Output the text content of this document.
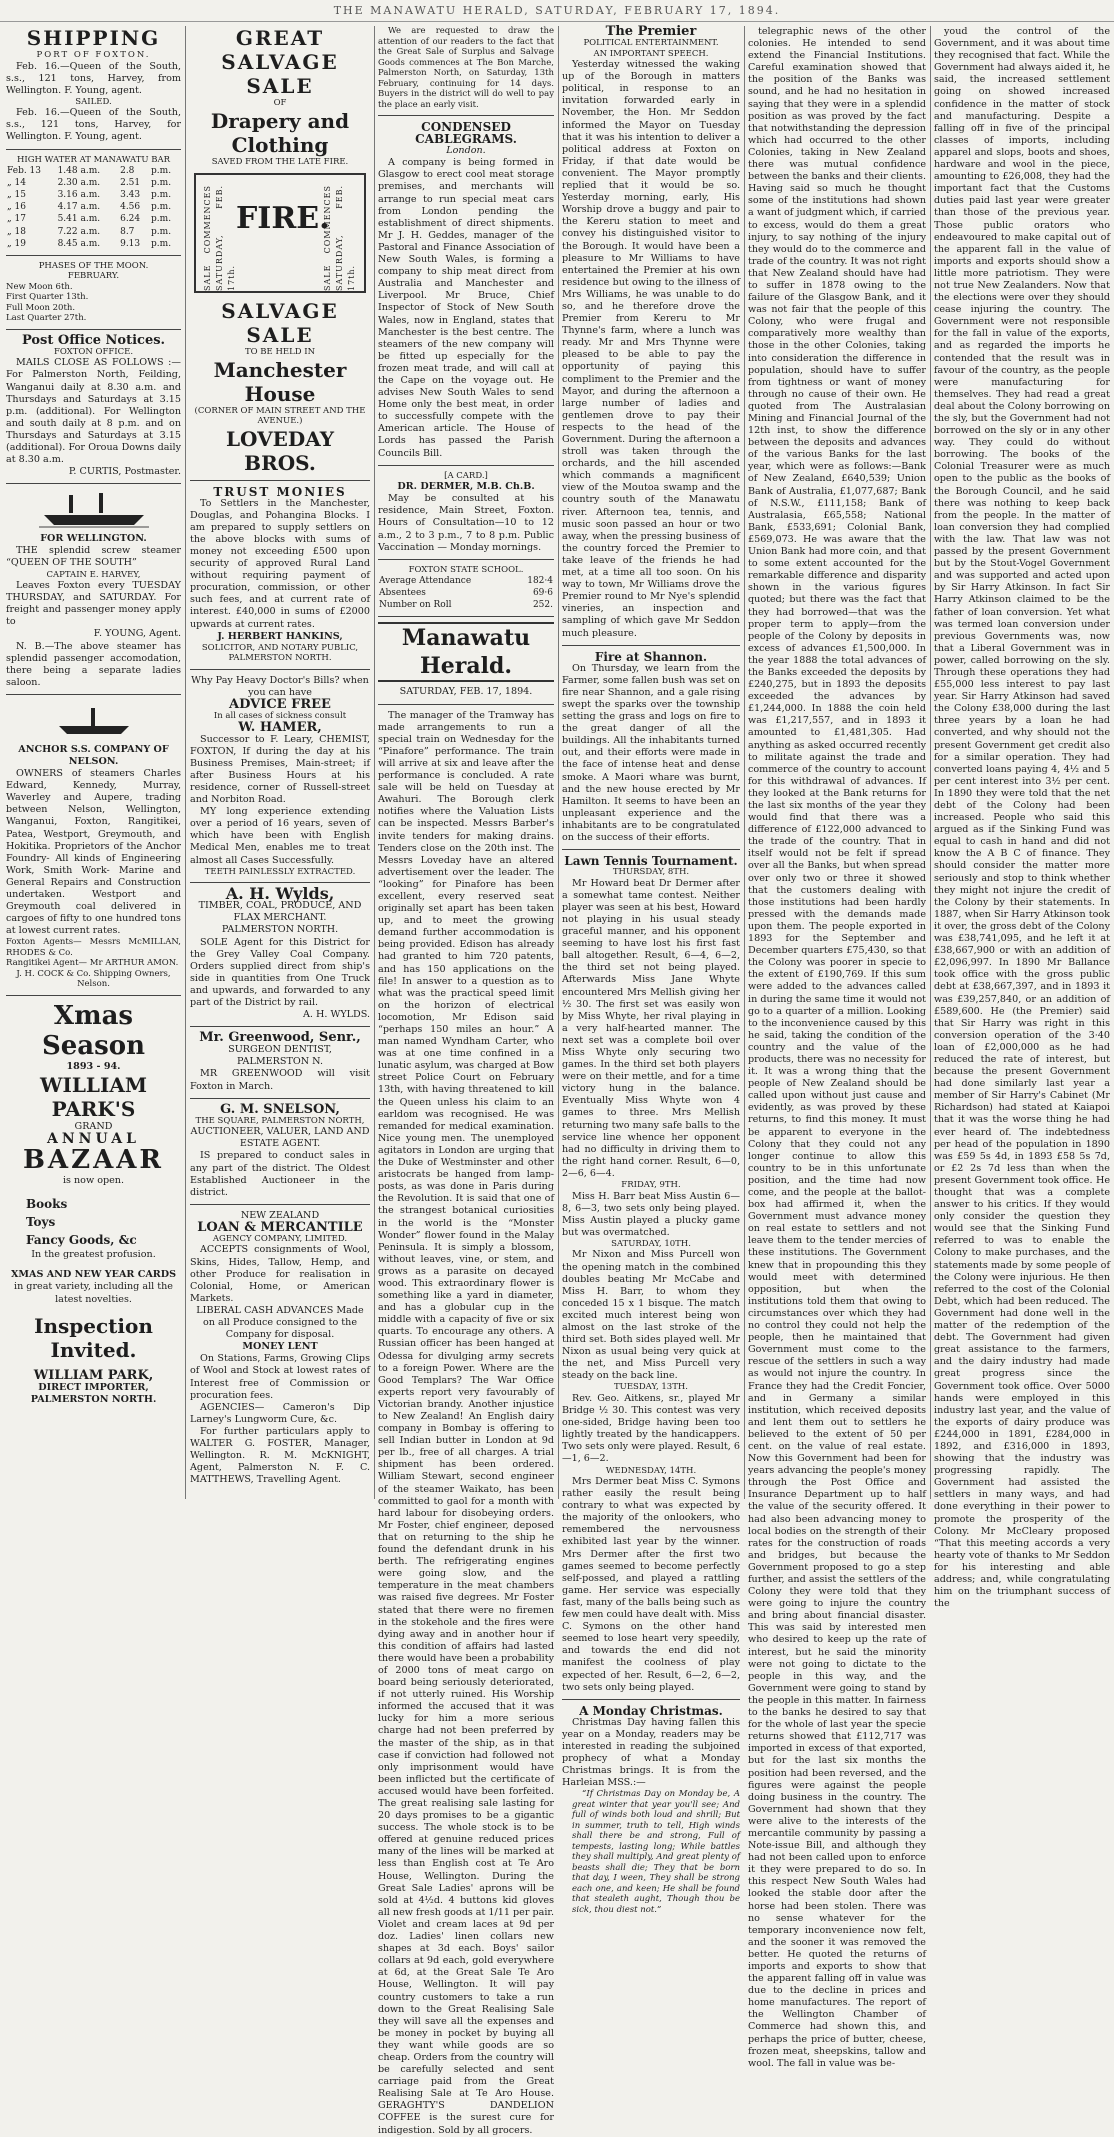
THE MANAWATU HERALD, SATURDAY, FEBRUARY 17, 1894.
SHIPPING
PORT OF FOXTON.
Feb. 16.—Queen of the South, s.s., 121 tons, Harvey, from Wellington. F. Young, agent.
SAILED.
Feb. 16.—Queen of the South, s.s., 121 tons, Harvey, for Wellington. F. Young, agent.
HIGH WATER AT MANAWATU BAR
Feb. 13	1.48 a.m.	2.8	p.m.
„ 14	2.30 a.m.	2.51	p.m.
„ 15	3.16 a.m.	3.43	p.m.
„ 16	4.17 a.m.	4.56	p.m.
„ 17	5.41 a.m.	6.24	p.m.
„ 18	7.22 a.m.	8.7	p.m.
„ 19	8.45 a.m.	9.13	p.m.
PHASES OF THE MOON.
FEBRUARY.
New Moon 6th.
First Quarter 13th.
Full Moon 20th.
Last Quarter 27th.
Post Office Notices.
FOXTON OFFICE.
MAILS CLOSE AS FOLLOWS :— For Palmerston North, Feilding, Wanganui daily at 8.30 a.m. and Thursdays and Saturdays at 3.15 p.m. (additional). For Wellington and south daily at 8 p.m. and on Thursdays and Saturdays at 3.15 (additional). For Oroua Downs daily at 8.30 a.m.
P. CURTIS, Postmaster.
FOR WELLINGTON.
THE splendid screw steamer “QUEEN OF THE SOUTH”
CAPTAIN E. HARVEY,
Leaves Foxton every TUESDAY THURSDAY, and SATURDAY. For freight and passenger money apply to
F. YOUNG, Agent.
N. B.—The above steamer has splendid passenger accomodation, there being a separate ladies saloon.
ANCHOR S.S. COMPANY OF NELSON.
OWNERS of steamers Charles Edward, Kennedy, Murray, Waverley and Aupere, trading between Nelson, Wellington, Wanganui, Foxton, Rangitikei, Patea, Westport, Greymouth, and Hokitika. Proprietors of the Anchor Foundry- All kinds of Engineering Work, Smith Work- Marine and General Repairs and Construction undertaken. Westport and Greymouth coal delivered in cargoes of fifty to one hundred tons at lowest current rates.
Foxton Agents— Messrs McMILLAN, RHODES & Co.
Rangitikei Agent— Mr ARTHUR AMON.
J. H. COCK & Co. Shipping Owners, Nelson.
Xmas Season
1893 - 94.
WILLIAM PARK'S
GRAND
ANNUAL
BAZAAR
is now open.
Books
Toys
Fancy Goods, &c
In the greatest profusion.
XMAS AND NEW YEAR CARDS
in great variety, including all the latest novelties.
Inspection Invited.
WILLIAM PARK,
DIRECT IMPORTER,
PALMERSTON NORTH.
GREAT SALVAGE SALE
OF
Drapery and Clothing
SAVED FROM THE LATE FIRE.
SALE COMMENCES SATURDAY, FEB. 17th.
FIRE.
SALE COMMENCES SATURDAY, FEB. 17th.
SALVAGE SALE
TO BE HELD IN
Manchester House
(CORNER OF MAIN STREET AND THE AVENUE.)
LOVEDAY BROS.
TRUST MONIES
To Settlers in the Manchester, Douglas, and Pohangina Blocks. I am prepared to supply settlers on the above blocks with sums of money not exceeding £500 upon security of approved Rural Land without requiring payment of procuration, commission, or other such fees, and at current rate of interest. £40,000 in sums of £2000 upwards at current rates.
J. HERBERT HANKINS,
SOLICITOR, AND NOTARY PUBLIC, PALMERSTON NORTH.
Why Pay Heavy Doctor's Bills? when you can have
ADVICE FREE
In all cases of sickness consult
W. HAMER,
Successor to F. Leary, CHEMIST, FOXTON, If during the day at his Business Premises, Main-street; if after Business Hours at his residence, corner of Russell-street and Norbiton Road.
MY long experience extending over a period of 16 years, seven of which have been with English Medical Men, enables me to treat almost all Cases Successfully.
TEETH PAINLESSLY EXTRACTED.
A. H. Wylds,
TIMBER, COAL, PRODUCE, AND FLAX MERCHANT.
PALMERSTON NORTH.
SOLE Agent for this District for the Grey Valley Coal Company. Orders supplied direct from ship's side in quantities from One Truck and upwards, and forwarded to any part of the District by rail.
A. H. WYLDS.
Mr. Greenwood, Senr.,
SURGEON DENTIST,
PALMERSTON N.
MR GREENWOOD will visit Foxton in March.
G. M. SNELSON,
THE SQUARE, PALMERSTON NORTH,
AUCTIONEER, VALUER, LAND AND ESTATE AGENT.
IS prepared to conduct sales in any part of the district. The Oldest Established Auctioneer in the district.
NEW ZEALAND
LOAN & MERCANTILE
AGENCY COMPANY, LIMITED.
ACCEPTS consignments of Wool, Skins, Hides, Tallow, Hemp, and other Produce for realisation in Colonial, Home, or American Markets.
LIBERAL CASH ADVANCES Made on all Produce consigned to the Company for disposal.
MONEY LENT
On Stations, Farms, Growing Clips of Wool and Stock at lowest rates of Interest free of Commission or procuration fees.
AGENCIES— Cameron's Dip Larney's Lungworm Cure, &c.
For further particulars apply to WALTER G. FOSTER, Manager, Wellington. R. M. McKNIGHT, Agent, Palmerston N. F. C. MATTHEWS, Travelling Agent.
We are requested to draw the attention of our readers to the fact that the Great Sale of Surplus and Salvage Goods commences at The Bon Marche, Palmerston North, on Saturday, 13th February, continuing for 14 days. Buyers in the district will do well to pay the place an early visit.
CONDENSED CABLEGRAMS.
London.
A company is being formed in Glasgow to erect cool meat storage premises, and merchants will arrange to run special meat cars from London pending the establishment of direct shipments. Mr J. H. Geddes, manager of the Pastoral and Finance Association of New South Wales, is forming a company to ship meat direct from Australia and Manchester and Liverpool. Mr Bruce, Chief Inspector of Stock of New South Wales, now in England, states that Manchester is the best centre. The steamers of the new company will be fitted up especially for the frozen meat trade, and will call at the Cape on the voyage out. He advises New South Wales to send Home only the best meat, in order to successfully compete with the American article. The House of Lords has passed the Parish Councils Bill.
[A CARD.]
DR. DERMER, M.B. Ch.B.
May be consulted at his residence, Main Street, Foxton. Hours of Consultation—10 to 12 a.m., 2 to 3 p.m., 7 to 8 p.m. Public Vaccination — Monday mornings.
FOXTON STATE SCHOOL.
Average Attendance	182·4
Absentees	69·6
Number on Roll	252.
Manawatu Herald.
SATURDAY, FEB. 17, 1894.
The manager of the Tramway has made arrangements to run a special train on Wednesday for the “Pinafore” performance. The train will arrive at six and leave after the performance is concluded. A rate sale will be held on Tuesday at Awahuri. The Borough clerk notifies where the Valuation Lists can be inspected. Messrs Barber's invite tenders for making drains. Tenders close on the 20th inst. The Messrs Loveday have an altered advertisement over the leader. The “looking” for Pinafore has been excellent, every reserved seat originally set apart has been taken up, and to meet the growing demand further accommodation is being provided. Edison has already had granted to him 720 patents, and has 150 applications on the file! In answer to a question as to what was the practical speed limit on the horizon of electrical locomotion, Mr Edison said “perhaps 150 miles an hour.” A man named Wyndham Carter, who was at one time confined in a lunatic asylum, was charged at Bow street Police Court on February 13th, with having threatened to kill the Queen unless his claim to an earldom was recognised. He was remanded for medical examination. Nice young men. The unemployed agitators in London are urging that the Duke of Westminster and other aristocrats be hanged from lamp-posts, as was done in Paris during the Revolution. It is said that one of the strangest botanical curiosities in the world is the “Monster Wonder” flower found in the Malay Peninsula. It is simply a blossom, without leaves, vine, or stem, and grows as a parasite on decayed wood. This extraordinary flower is something like a yard in diameter, and has a globular cup in the middle with a capacity of five or six quarts. To encourage any others. A Russian officer has been hanged at Odessa for divulging army secrets to a foreign Power. Where are the Good Templars? The War Office experts report very favourably of Victorian brandy. Another injustice to New Zealand! An English dairy company in Bombay is offering to sell Indian butter in London at 9d per lb., free of all charges. A trial shipment has been ordered. William Stewart, second engineer of the steamer Waikato, has been committed to gaol for a month with hard labour for disobeying orders. Mr Foster, chief engineer, deposed that on returning to the ship he found the defendant drunk in his berth. The refrigerating engines were going slow, and the temperature in the meat chambers was raised five degrees. Mr Foster stated that there were no firemen in the stokehole and the fires were dying away and in another hour if this condition of affairs had lasted there would have been a probability of 2000 tons of meat cargo on board being seriously deteriorated, if not utterly ruined. His Worship informed the accused that it was lucky for him a more serious charge had not been preferred by the master of the ship, as in that case if conviction had followed not only imprisonment would have been inflicted but the certificate of accused would have been forfeited. The great realising sale lasting for 20 days promises to be a gigantic success. The whole stock is to be offered at genuine reduced prices many of the lines will be marked at less than English cost at Te Aro House, Wellington. During the Great Sale Ladies' aprons will be sold at 4½d. 4 buttons kid gloves all new fresh goods at 1/11 per pair. Violet and cream laces at 9d per doz. Ladies' linen collars new shapes at 3d each. Boys' sailor collars at 9d each, gold everywhere at 6d, at the Great Sale Te Aro House, Wellington. It will pay country customers to take a run down to the Great Realising Sale they will save all the expenses and be money in pocket by buying all they want while goods are so cheap. Orders from the country will be carefully selected and sent carriage paid from the Great Realising Sale at Te Aro House. GERAGHTY'S DANDELION COFFEE is the surest cure for indigestion. Sold by all grocers.
The Premier
POLITICAL ENTERTAINMENT.
AN IMPORTANT SPEECH.
Yesterday witnessed the waking up of the Borough in matters political, in response to an invitation forwarded early in November, the Hon. Mr Seddon informed the Mayor on Tuesday that it was his intention to deliver a political address at Foxton on Friday, if that date would be convenient. The Mayor promptly replied that it would be so. Yesterday morning, early, His Worship drove a buggy and pair to the Kereru station to meet and convey his distinguished visitor to the Borough. It would have been a pleasure to Mr Williams to have entertained the Premier at his own residence but owing to the illness of Mrs Williams, he was unable to do so, and he therefore drove the Premier from Kereru to Mr Thynne's farm, where a lunch was ready. Mr and Mrs Thynne were pleased to be able to pay the opportunity of paying this compliment to the Premier and the Mayor, and during the afternoon a large number of ladies and gentlemen drove to pay their respects to the head of the Government. During the afternoon a stroll was taken through the orchards, and the hill ascended which commands a magnificent view of the Moutoa swamp and the country south of the Manawatu river. Afternoon tea, tennis, and music soon passed an hour or two away, when the pressing business of the country forced the Premier to take leave of the friends he had met, at a time all too soon. On his way to town, Mr Williams drove the Premier round to Mr Nye's splendid vineries, an inspection and sampling of which gave Mr Seddon much pleasure.
Fire at Shannon.
On Thursday, we learn from the Farmer, some fallen bush was set on fire near Shannon, and a gale rising swept the sparks over the township setting the grass and logs on fire to the great danger of all the buildings. All the inhabitants turned out, and their efforts were made in the face of intense heat and dense smoke. A Maori whare was burnt, and the new house erected by Mr Hamilton. It seems to have been an unpleasant experience and the inhabitants are to be congratulated on the success of their efforts.
Lawn Tennis Tournament.
THURSDAY, 8TH.
Mr Howard beat Dr Dermer after a somewhat tame contest. Neither player was seen at his best, Howard not playing in his usual steady graceful manner, and his opponent seeming to have lost his first fast ball altogether. Result, 6—4, 6—2, the third set not being played. Afterwards Miss Jane Whyte encountered Mrs Mellish giving her ½ 30. The first set was easily won by Miss Whyte, her rival playing in a very half-hearted manner. The next set was a complete boil over Miss Whyte only securing two games. In the third set both players were on their mettle, and for a time victory hung in the balance. Eventually Miss Whyte won 4 games to three. Mrs Mellish returning two many safe balls to the service line whence her opponent had no difficulty in driving them to the right hand corner. Result, 6—0, 2—6, 6—4.
FRIDAY, 9TH.
Miss H. Barr beat Miss Austin 6—8, 6—3, two sets only being played. Miss Austin played a plucky game but was overmatched.
SATURDAY, 10TH.
Mr Nixon and Miss Purcell won the opening match in the combined doubles beating Mr McCabe and Miss H. Barr, to whom they conceded 15 x 1 bisque. The match excited much interest being won almost on the last stroke of the third set. Both sides played well. Mr Nixon as usual being very quick at the net, and Miss Purcell very steady on the back line.
TUESDAY, 13TH.
Rev. Geo. Aitkens, sr., played Mr Bridge ½ 30. This contest was very one-sided, Bridge having been too lightly treated by the handicappers. Two sets only were played. Result, 6—1, 6—2.
WEDNESDAY, 14TH.
Mrs Dermer beat Miss C. Symons rather easily the result being contrary to what was expected by the majority of the onlookers, who remembered the nervousness exhibited last year by the winner. Mrs Dermer after the first two games seemed to become perfectly self-possed, and played a rattling game. Her service was especially fast, many of the balls being such as few men could have dealt with. Miss C. Symons on the other hand seemed to lose heart very speedily, and towards the end did not manifest the coolness of play expected of her. Result, 6—2, 6—2, two sets only being played.
A Monday Christmas.
Christmas Day having fallen this year on a Monday, readers may be interested in reading the subjoined prophecy of what a Monday Christmas brings. It is from the Harleian MSS.:—
“If Christmas Day on Monday be, A great winter that year you'll see; And full of winds both loud and shrill; But in summer, truth to tell, High winds shall there be and strong, Full of tempests, lasting long; While battles they shall multiply, And great plenty of beasts shall die; They that be born that day, I ween, They shall be strong each one, and keen; He shall be found that stealeth aught, Though thou be sick, thou diest not.”
telegraphic news of the other colonies. He intended to send extend the Financial Institutions. Careful examination showed that the position of the Banks was sound, and he had no hesitation in saying that they were in a splendid position as was proved by the fact that notwithstanding the depression which had occurred to the other Colonies, taking in New Zealand there was mutual confidence between the banks and their clients. Having said so much he thought some of the institutions had shown a want of judgment which, if carried to excess, would do them a great injury, to say nothing of the injury they would do to the commerce and trade of the country. It was not right that New Zealand should have had to suffer in 1878 owing to the failure of the Glasgow Bank, and it was not fair that the people of this Colony, who were frugal and comparatively more wealthy than those in the other Colonies, taking into consideration the difference in population, should have to suffer from tightness or want of money through no cause of their own. He quoted from The Australasian Mining and Financial Journal of the 12th inst, to show the difference between the deposits and advances of the various Banks for the last year, which were as follows:—Bank of New Zealand, £640,539; Union Bank of Australia, £1,077,687; Bank of N.S.W., £111,158; Bank of Australasia, £65,558; National Bank, £533,691; Colonial Bank, £569,073. He was aware that the Union Bank had more coin, and that to some extent accounted for the remarkable difference and disparity shown in the various figures quoted; but there was the fact that they had borrowed—that was the proper term to apply—from the people of the Colony by deposits in excess of advances £1,500,000. In the year 1888 the total advances of the Banks exceeded the deposits by £240,275, but in 1893 the deposits exceeded the advances by £1,244,000. In 1888 the coin held was £1,217,557, and in 1893 it amounted to £1,481,305. Had anything as asked occurred recently to militate against the trade and commerce of the country to account for this withdrawal of advances. If they looked at the Bank returns for the last six months of the year they would find that there was a difference of £122,000 advanced to the trade of the country. That in itself would not be felt if spread over all the Banks, but when spread over only two or three it showed that the customers dealing with those institutions had been hardly pressed with the demands made upon them. The people exported in 1893 for the September and December quarters £75,430, so that the Colony was poorer in specie to the extent of £190,769. If this sum were added to the advances called in during the same time it would not go to a quarter of a million. Looking to the inconvenience caused by this he said, taking the condition of the country and the value of the products, there was no necessity for it. It was a wrong thing that the people of New Zealand should be called upon without just cause and evidently, as was proved by these returns, to find this money. It must be apparent to everyone in the Colony that they could not any longer continue to allow this country to be in this unfortunate position, and the time had now come, and the people at the ballot-box had affirmed it, when the Government must advance money on real estate to settlers and not leave them to the tender mercies of these institutions. The Government knew that in propounding this they would meet with determined opposition, but when the institutions told them that owing to circumstances over which they had no control they could not help the people, then he maintained that Government must come to the rescue of the settlers in such a way as would not injure the country. In France they had the Credit Foncier, and in Germany a similar institution, which received deposits and lent them out to settlers he believed to the extent of 50 per cent. on the value of real estate. Now this Government had been for years advancing the people's money through the Post Office and Insurance Department up to half the value of the security offered. It had also been advancing money to local bodies on the strength of their rates for the construction of roads and bridges, but because the Government proposed to go a step further, and assist the settlers of the Colony they were told that they were going to injure the country and bring about financial disaster. This was said by interested men who desired to keep up the rate of interest, but he said the minority were not going to dictate to the people in this way, and the Government were going to stand by the people in this matter. In fairness to the banks he desired to say that for the whole of last year the specie returns showed that £112,717 was imported in excess of that exported, but for the last six months the position had been reversed, and the figures were against the people doing business in the country. The Government had shown that they were alive to the interests of the mercantile community by passing a Note-issue Bill, and although they had not been called upon to enforce it they were prepared to do so. In this respect New South Wales had looked the stable door after the horse had been stolen. There was no sense whatever for the temporary inconvenience now felt, and the sooner it was removed the better. He quoted the returns of imports and exports to show that the apparent falling off in value was due to the decline in prices and home manufactures. The report of the Wellington Chamber of Commerce had shown this, and perhaps the price of butter, cheese, frozen meat, sheepskins, tallow and wool. The fall in value was be-
youd the control of the Government, and it was about time they recognised that fact. While the Government had always aided it, he said, the increased settlement going on showed increased confidence in the matter of stock and manufacturing. Despite a falling off in five of the principal classes of imports, including apparel and slops, boots and shoes, hardware and wool in the piece, amounting to £26,008, they had the important fact that the Customs duties paid last year were greater than those of the previous year. Those public orators who endeavoured to make capital out of the apparent fall in the value of imports and exports should show a little more patriotism. They were not true New Zealanders. Now that the elections were over they should cease injuring the country. The Government were not responsible for the fall in value of the exports, and as regarded the imports he contended that the result was in favour of the country, as the people were manufacturing for themselves. They had read a great deal about the Colony borrowing on the sly, but the Government had not borrowed on the sly or in any other way. They could do without borrowing. The books of the Colonial Treasurer were as much open to the public as the books of the Borough Council, and he said there was nothing to keep back from the people. In the matter of loan conversion they had complied with the law. That law was not passed by the present Government but by the Stout-Vogel Government and was supported and acted upon by Sir Harry Atkinson. In fact Sir Harry Atkinson claimed to be the father of loan conversion. Yet what was termed loan conversion under previous Governments was, now that a Liberal Government was in power, called borrowing on the sly. Through these operations they had £55,000 less interest to pay last year. Sir Harry Atkinson had saved the Colony £38,000 during the last three years by a loan he had converted, and why should not the present Government get credit also for a similar operation. They had converted loans paying 4, 4½ and 5 per cent interest into 3½ per cent. In 1890 they were told that the net debt of the Colony had been increased. People who said this argued as if the Sinking Fund was equal to cash in hand and did not know the A B C of finance. They should consider the matter more seriously and stop to think whether they might not injure the credit of the Colony by their statements. In 1887, when Sir Harry Atkinson took it over, the gross debt of the Colony was £38,741,095, and he left it at £38,667,900 or with an addition of £2,096,997. In 1890 Mr Ballance took office with the gross public debt at £38,667,397, and in 1893 it was £39,257,840, or an addition of £589,600. He (the Premier) said that Sir Harry was right in this conversion operation of the 3·40 loan of £2,000,000 as he had reduced the rate of interest, but because the present Government had done similarly last year a member of Sir Harry's Cabinet (Mr Richardson) had stated at Kaiapoi that it was the worse thing he had ever heard of. The indebtedness per head of the population in 1890 was £59 5s 4d, in 1893 £58 5s 7d, or £2 2s 7d less than when the present Government took office. He thought that was a complete answer to his critics. If they would only consider the question they would see that the Sinking Fund referred to was to enable the Colony to make purchases, and the statements made by some people of the Colony were injurious. He then referred to the cost of the Colonial Debt, which had been reduced. The Government had done well in the matter of the redemption of the debt. The Government had given great assistance to the farmers, and the dairy industry had made great progress since the Government took office. Over 5000 hands were employed in this industry last year, and the value of the exports of dairy produce was £244,000 in 1891, £284,000 in 1892, and £316,000 in 1893, showing that the industry was progressing rapidly. The Government had assisted the settlers in many ways, and had done everything in their power to promote the prosperity of the Colony. Mr McCleary proposed “That this meeting accords a very hearty vote of thanks to Mr Seddon for his interesting and able address; and, while congratulating him on the triumphant success of the
